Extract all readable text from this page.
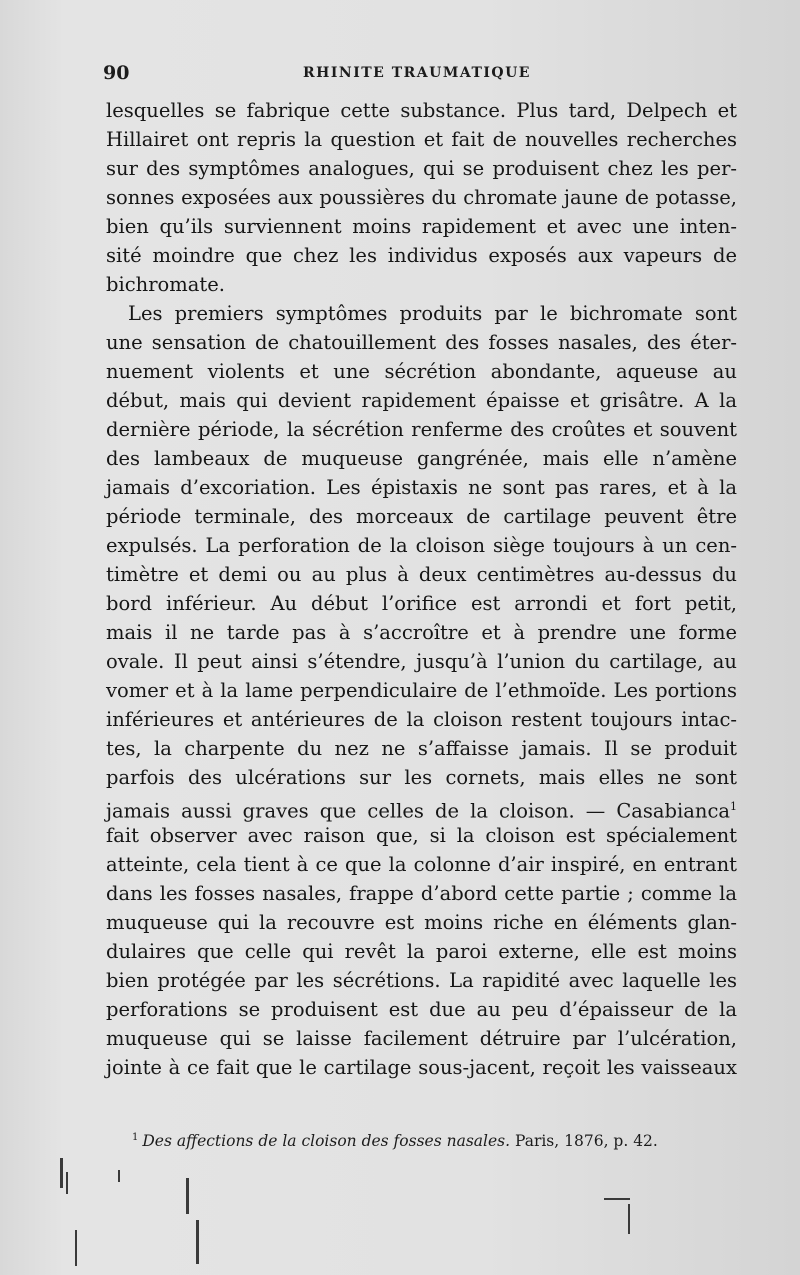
90	RHINITE TRAUMATIQUE
lesquelles se fabrique cette substance. Plus tard, Delpech et
Hillairet ont repris la question et fait de nouvelles recherches
sur des symptômes analogues, qui se produisent chez les per-
sonnes exposées aux poussières du chromate jaune de potasse,
bien qu’ils surviennent moins rapidement et avec une inten-
sité moindre que chez les individus exposés aux vapeurs de
bichromate.
Les premiers symptômes produits par le bichromate sont
une sensation de chatouillement des fosses nasales, des éter-
nuement violents et une sécrétion abondante, aqueuse au
début, mais qui devient rapidement épaisse et grisâtre. A la
dernière période, la sécrétion renferme des croûtes et souvent
des lambeaux de muqueuse gangrénée, mais elle n’amène
jamais d’excoriation. Les épistaxis ne sont pas rares, et à la
période terminale, des morceaux de cartilage peuvent être
expulsés. La perforation de la cloison siège toujours à un cen-
timètre et demi ou au plus à deux centimètres au-dessus du
bord inférieur. Au début l’orifice est arrondi et fort petit,
mais il ne tarde pas à s’accroître et à prendre une forme
ovale. Il peut ainsi s’étendre, jusqu’à l’union du cartilage, au
vomer et à la lame perpendiculaire de l’ethmoïde. Les portions
inférieures et antérieures de la cloison restent toujours intac-
tes, la charpente du nez ne s’affaisse jamais. Il se produit
parfois des ulcérations sur les cornets, mais elles ne sont
jamais aussi graves que celles de la cloison. — Casabianca$^1$
fait observer avec raison que, si la cloison est spécialement
atteinte, cela tient à ce que la colonne d’air inspiré, en entrant
dans les fosses nasales, frappe d’abord cette partie ; comme la
muqueuse qui la recouvre est moins riche en éléments glan-
dulaires que celle qui revêt la paroi externe, elle est moins
bien protégée par les sécrétions. La rapidité avec laquelle les
perforations se produisent est due au peu d’épaisseur de la
muqueuse qui se laisse facilement détruire par l’ulcération,
jointe à ce fait que le cartilage sous-jacent, reçoit les vaisseaux
$^1$ Des affections de la cloison des fosses nasales. Paris, 1876, p. 42.
